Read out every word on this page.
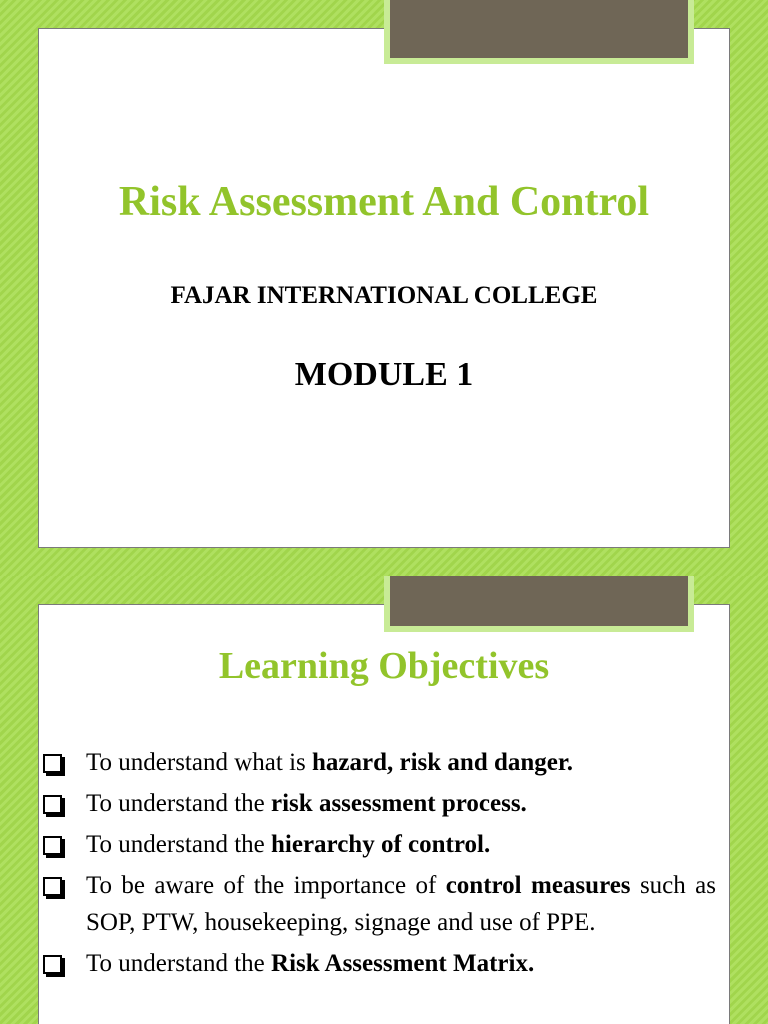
Risk Assessment And Control
FAJAR INTERNATIONAL COLLEGE
MODULE 1
Learning Objectives
To understand what is hazard, risk and danger.
To understand the risk assessment process.
To understand the hierarchy of control.
To be aware of the importance of control measures such as SOP, PTW, housekeeping, signage and use of PPE.
To understand the Risk Assessment Matrix.
